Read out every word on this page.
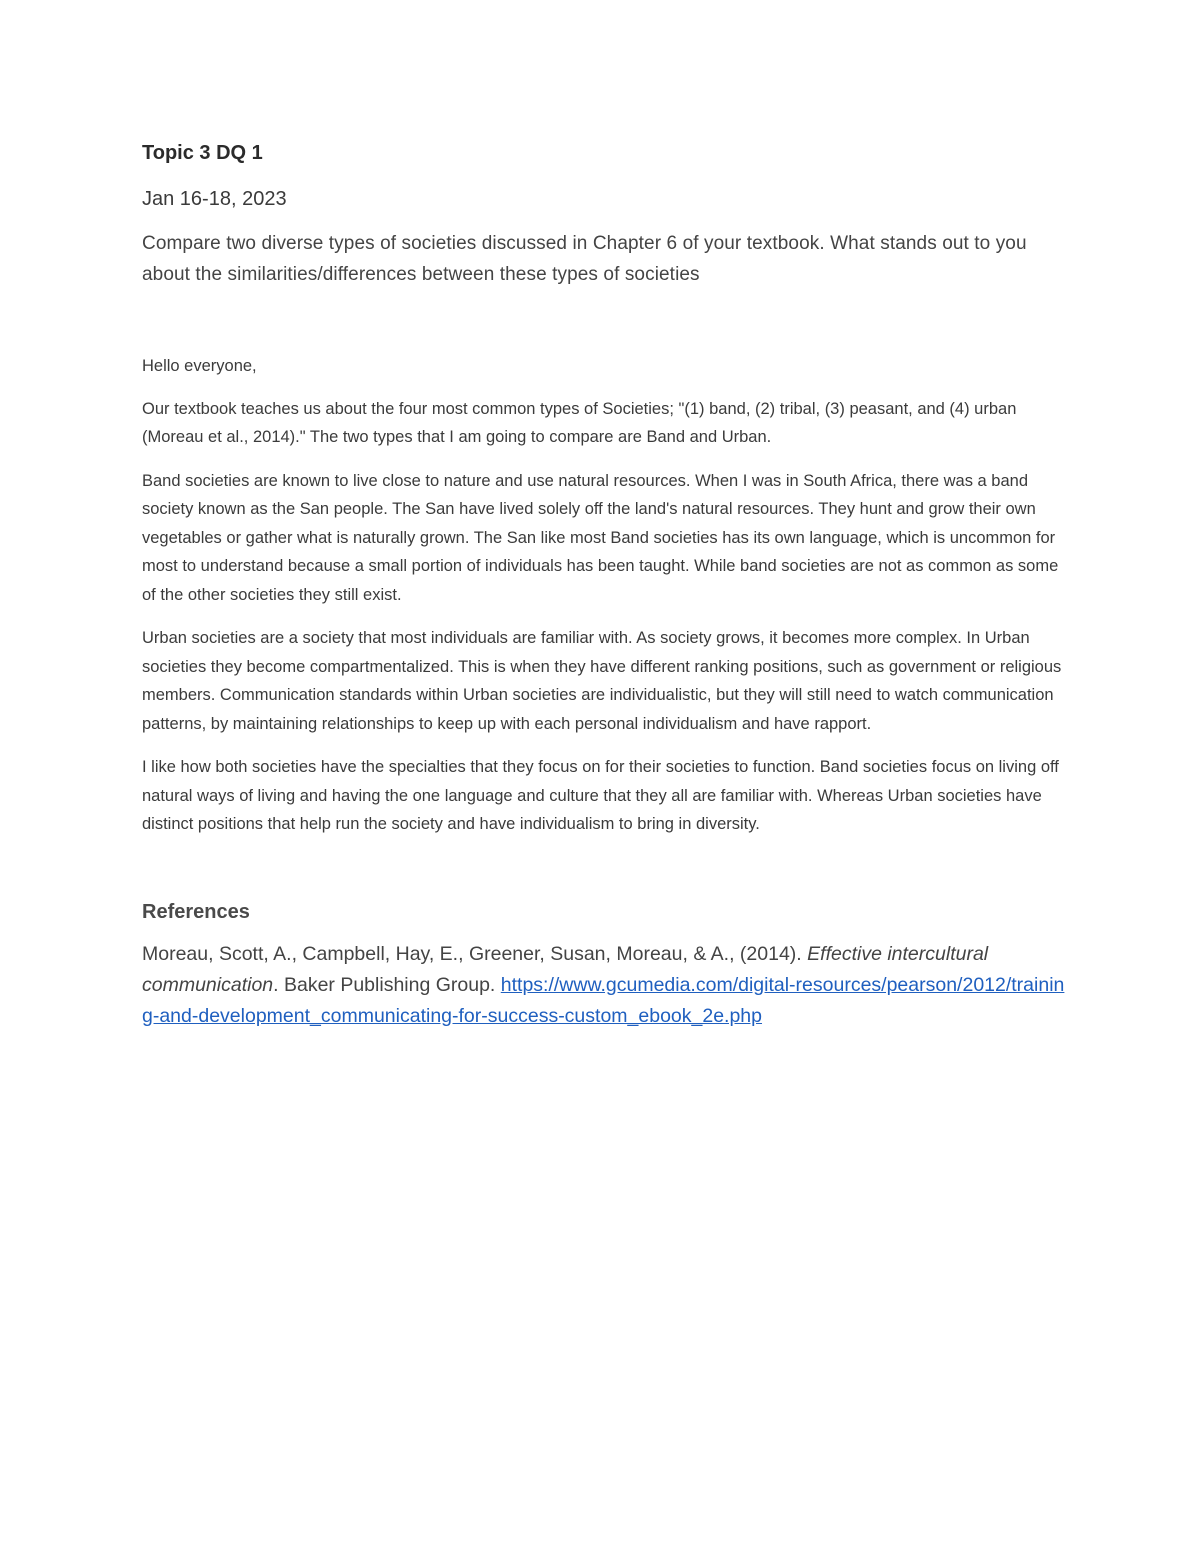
Topic 3 DQ 1
Jan 16-18, 2023
Compare two diverse types of societies discussed in Chapter 6 of your textbook. What stands out to you about the similarities/differences between these types of societies

Hello everyone,

Our textbook teaches us about the four most common types of Societies; "(1) band, (2) tribal, (3) peasant, and (4) urban (Moreau et al., 2014)." The two types that I am going to compare are Band and Urban.

Band societies are known to live close to nature and use natural resources. When I was in South Africa, there was a band society known as the San people. The San have lived solely off the land's natural resources. They hunt and grow their own vegetables or gather what is naturally grown. The San like most Band societies has its own language, which is uncommon for most to understand because a small portion of individuals has been taught. While band societies are not as common as some of the other societies they still exist.

Urban societies are a society that most individuals are familiar with. As society grows, it becomes more complex. In Urban societies they become compartmentalized. This is when they have different ranking positions, such as government or religious members. Communication standards within Urban societies are individualistic, but they will still need to watch communication patterns, by maintaining relationships to keep up with each personal individualism and have rapport.

I like how both societies have the specialties that they focus on for their societies to function. Band societies focus on living off natural ways of living and having the one language and culture that they all are familiar with. Whereas Urban societies have distinct positions that help run the society and have individualism to bring in diversity.

References

Moreau, Scott, A., Campbell, Hay, E., Greener, Susan, Moreau, & A., (2014). Effective intercultural communication. Baker Publishing Group. https://www.gcumedia.com/digital-resources/pearson/2012/training-and-development_communicating-for-success-custom_ebook_2e.php
